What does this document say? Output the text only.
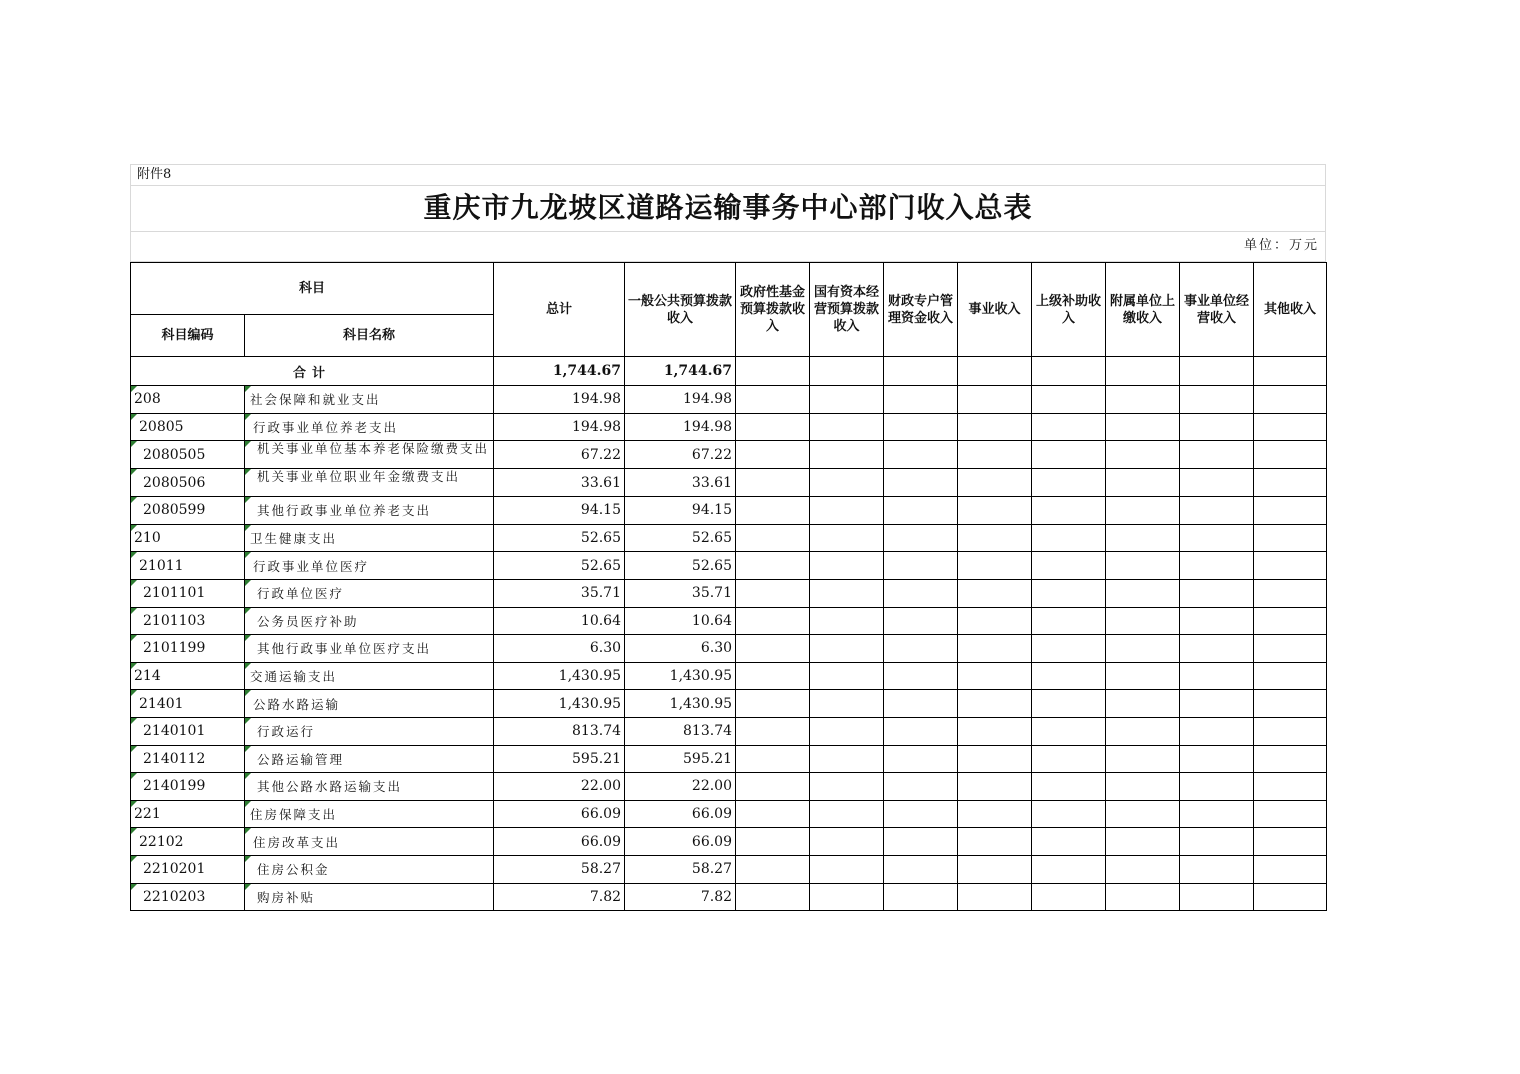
附件8
重庆市九龙坡区道路运输事务中心部门收入总表
单位：万元
科目		总计	一般公共预算拨款收入	政府性基金预算拨款收入	国有资本经营预算拨款收入	财政专户管理资金收入	事业收入	上级补助收入	附属单位上缴收入	事业单位经营收入	其他收入
科目编码	科目名称										
合计		1,744.67	1,744.67								
208	社会保障和就业支出	194.98	194.98								
20805	行政事业单位养老支出	194.98	194.98								
2080505	机关事业单位基本养老保险缴费支出	67.22	67.22								
2080506	机关事业单位职业年金缴费支出	33.61	33.61								
2080599	其他行政事业单位养老支出	94.15	94.15								
210	卫生健康支出	52.65	52.65								
21011	行政事业单位医疗	52.65	52.65								
2101101	行政单位医疗	35.71	35.71								
2101103	公务员医疗补助	10.64	10.64								
2101199	其他行政事业单位医疗支出	6.30	6.30								
214	交通运输支出	1,430.95	1,430.95								
21401	公路水路运输	1,430.95	1,430.95								
2140101	行政运行	813.74	813.74								
2140112	公路运输管理	595.21	595.21								
2140199	其他公路水路运输支出	22.00	22.00								
221	住房保障支出	66.09	66.09								
22102	住房改革支出	66.09	66.09								
2210201	住房公积金	58.27	58.27								
2210203	购房补贴	7.82	7.82								
